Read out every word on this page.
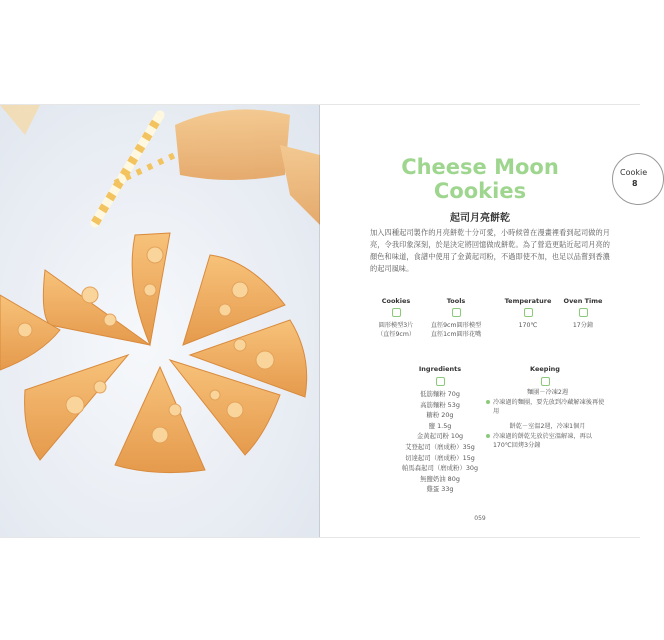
Cookie
8
Cheese Moon
Cookies
起司月亮餅乾
加入四種起司製作的月亮餅乾十分可愛，小時候曾在漫畫裡看到起司做的月亮，令我印象深刻，於是決定將回憶做成餅乾。為了營造更貼近起司月亮的顏色和味道，食譜中使用了金黃起司粉，不過即使不加，也足以品嘗到香濃的起司風味。
Cookies
圓形模型3片
（直徑9cm）
Tools
直徑9cm圓形模型
直徑1cm圓形花嘴
Temperature
170℃
Oven Time
17分鐘
Ingredients
低筋麵粉 70g
高筋麵粉 53g
糖粉 20g
鹽 1.5g
金黃起司粉 10g
艾登起司（磨成粉）35g
切達起司（磨成粉）15g
帕馬森起司（磨成粉）30g
無鹽奶油 80g
雞蛋 33g
Keeping
麵團－冷凍2週
冷凍過的麵團，要先放到冷藏解凍後再使用
餅乾－室溫2週，冷凍1個月
冷凍過的餅乾先放於室溫解凍，再以170℃回烤3分鐘
059
